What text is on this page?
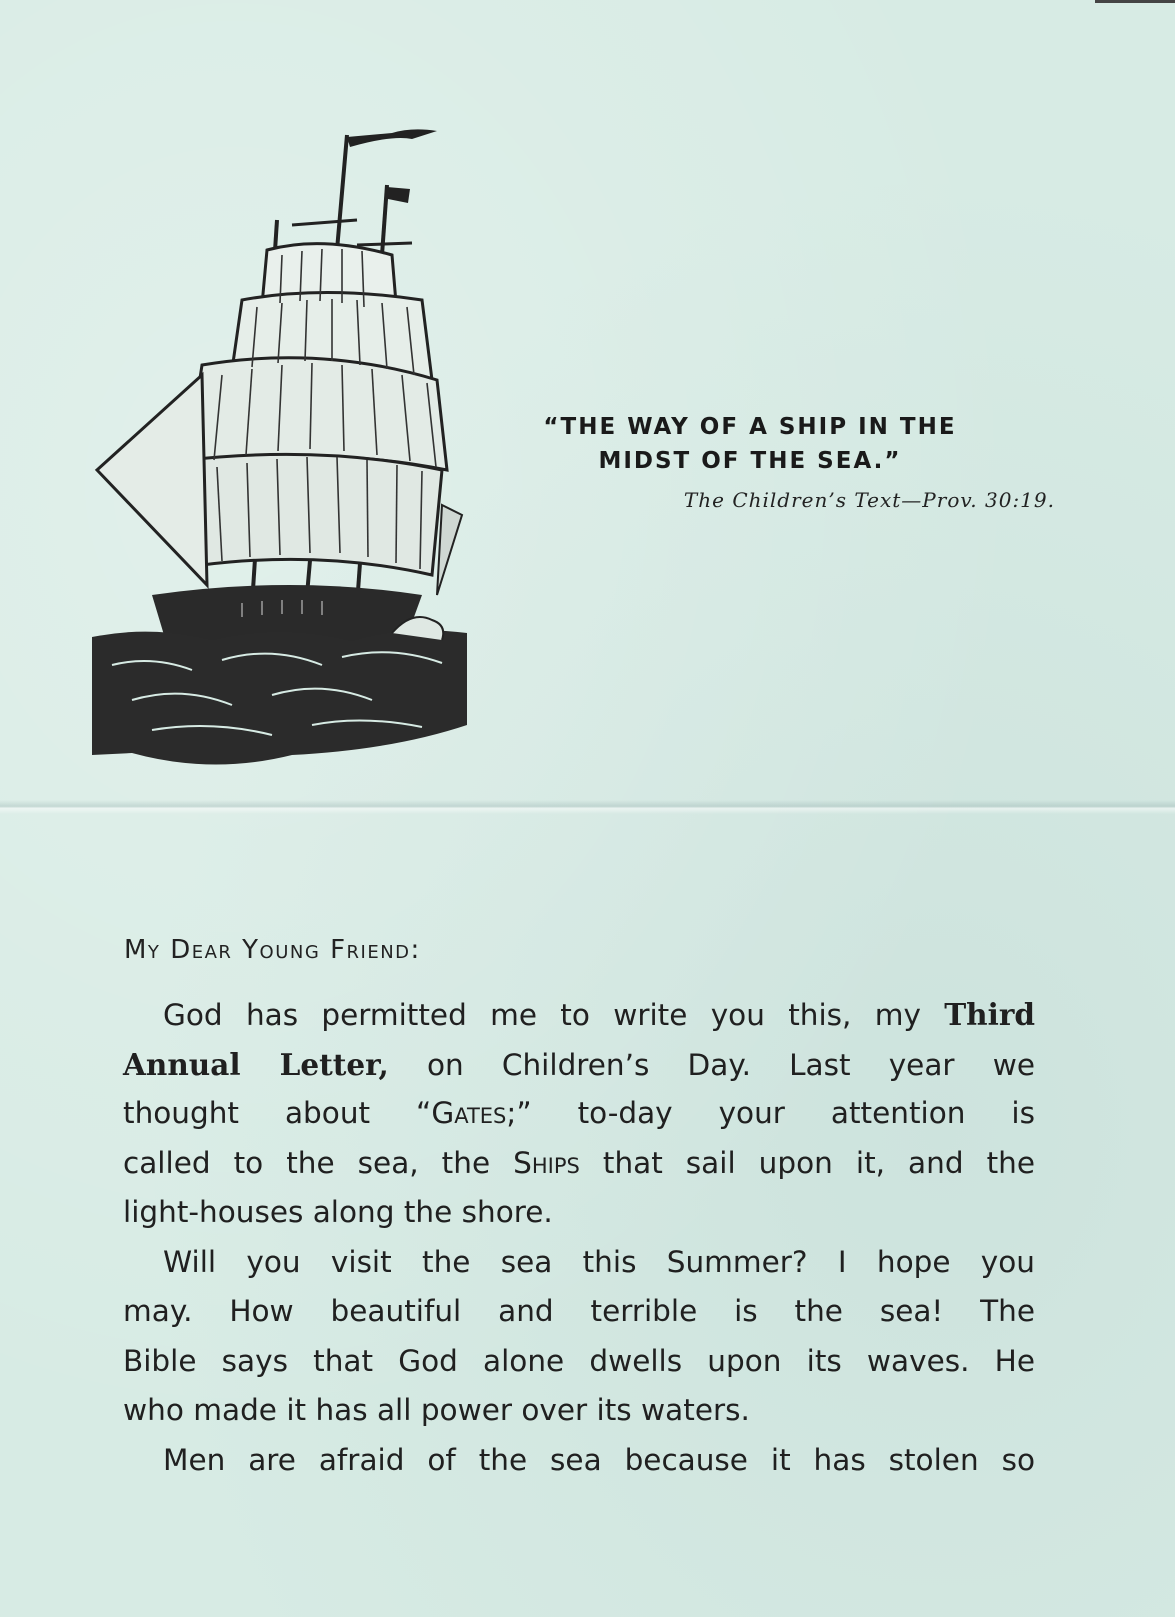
“THE WAY OF A SHIP IN THE
MIDST OF THE SEA.”
The Children’s Text—Prov. 30:19.
My Dear Young Friend:
God has permitted me to write you this, my Third
Annual Letter, on Children’s Day. Last year we
thought about “Gates;” to-day your attention is
called to the sea, the Ships that sail upon it, and the
light-houses along the shore.
Will you visit the sea this Summer? I hope you
may. How beautiful and terrible is the sea! The
Bible says that God alone dwells upon its waves. He
who made it has all power over its waters.
Men are afraid of the sea because it has stolen so
